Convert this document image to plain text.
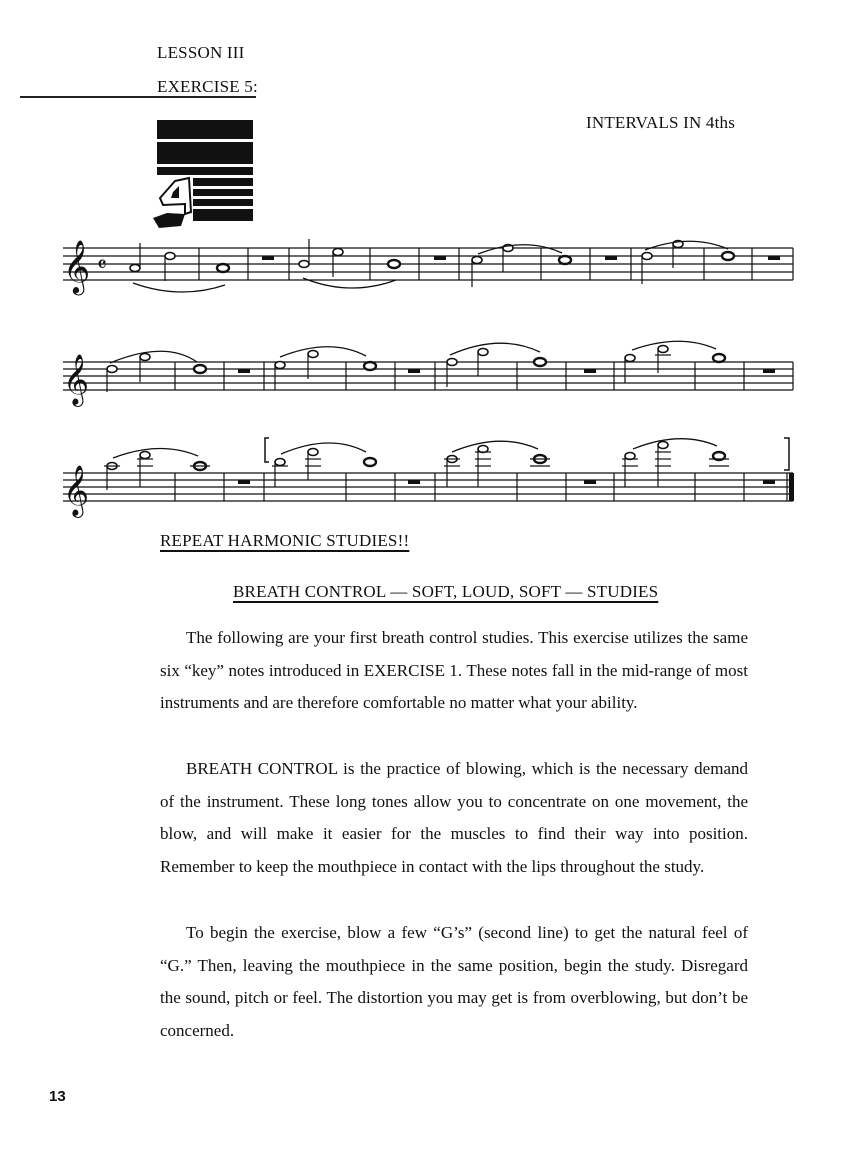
LESSON III
EXERCISE 5:
INTERVALS IN 4ths
𝄞 𝄴
𝄞
𝄞
REPEAT HARMONIC STUDIES!!
BREATH CONTROL — SOFT, LOUD, SOFT — STUDIES

The following are your first breath control studies. This exercise utilizes the same six “key” notes introduced in EXERCISE 1. These notes fall in the mid-range of most instruments and are therefore comfortable no matter what your ability.

BREATH CONTROL is the practice of blowing, which is the necessary demand of the instrument. These long tones allow you to concentrate on one movement, the blow, and will make it easier for the muscles to find their way into position. Remember to keep the mouthpiece in contact with the lips throughout the study.

To begin the exercise, blow a few “G’s” (second line) to get the natural feel of “G.” Then, leaving the mouthpiece in the same position, begin the study. Disregard the sound, pitch or feel. The distortion you may get is from overblowing, but don’t be concerned.

13
